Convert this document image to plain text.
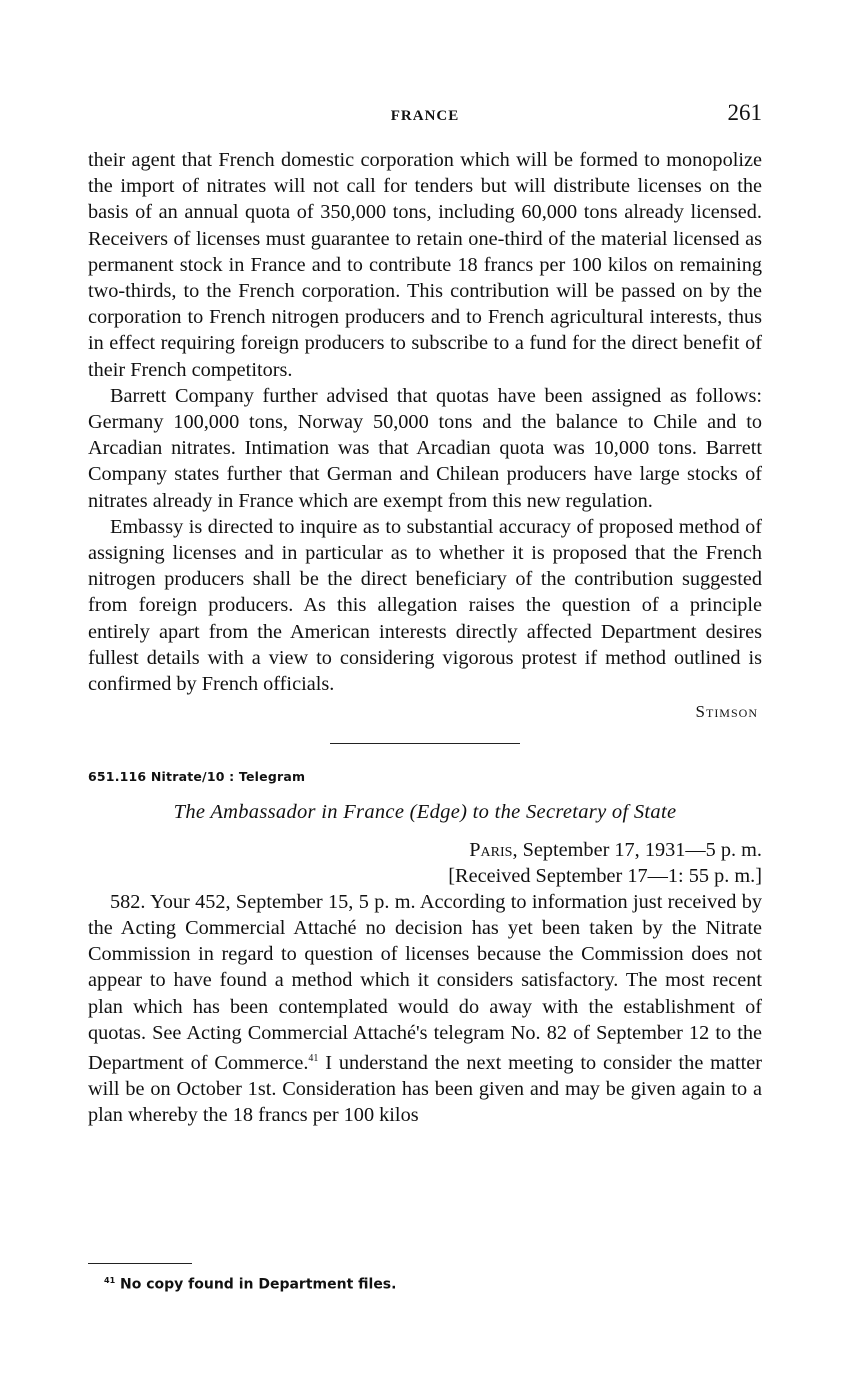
FRANCE	261

their agent that French domestic corporation which will be formed to monopolize the import of nitrates will not call for tenders but will distribute licenses on the basis of an annual quota of 350,000 tons, including 60,000 tons already licensed. Receivers of licenses must guarantee to retain one-third of the material licensed as permanent stock in France and to contribute 18 francs per 100 kilos on remaining two-thirds, to the French corporation. This contribution will be passed on by the corporation to French nitrogen producers and to French agricultural interests, thus in effect requiring foreign producers to subscribe to a fund for the direct benefit of their French competitors.

Barrett Company further advised that quotas have been assigned as follows: Germany 100,000 tons, Norway 50,000 tons and the balance to Chile and to Arcadian nitrates. Intimation was that Arcadian quota was 10,000 tons. Barrett Company states further that German and Chilean producers have large stocks of nitrates already in France which are exempt from this new regulation.

Embassy is directed to inquire as to substantial accuracy of proposed method of assigning licenses and in particular as to whether it is proposed that the French nitrogen producers shall be the direct beneficiary of the contribution suggested from foreign producers. As this allegation raises the question of a principle entirely apart from the American interests directly affected Department desires fullest details with a view to considering vigorous protest if method outlined is confirmed by French officials.

Stimson

651.116 Nitrate/10 : Telegram

The Ambassador in France (Edge) to the Secretary of State

Paris, September 17, 1931—5 p. m.

[Received September 17—1: 55 p. m.]

582. Your 452, September 15, 5 p. m. According to information just received by the Acting Commercial Attaché no decision has yet been taken by the Nitrate Commission in regard to question of licenses because the Commission does not appear to have found a method which it considers satisfactory. The most recent plan which has been contemplated would do away with the establishment of quotas. See Acting Commercial Attaché's telegram No. 82 of September 12 to the Department of Commerce.$^{41}$ I understand the next meeting to consider the matter will be on October 1st. Consideration has been given and may be given again to a plan whereby the 18 francs per 100 kilos

$^{41}$ No copy found in Department files.
